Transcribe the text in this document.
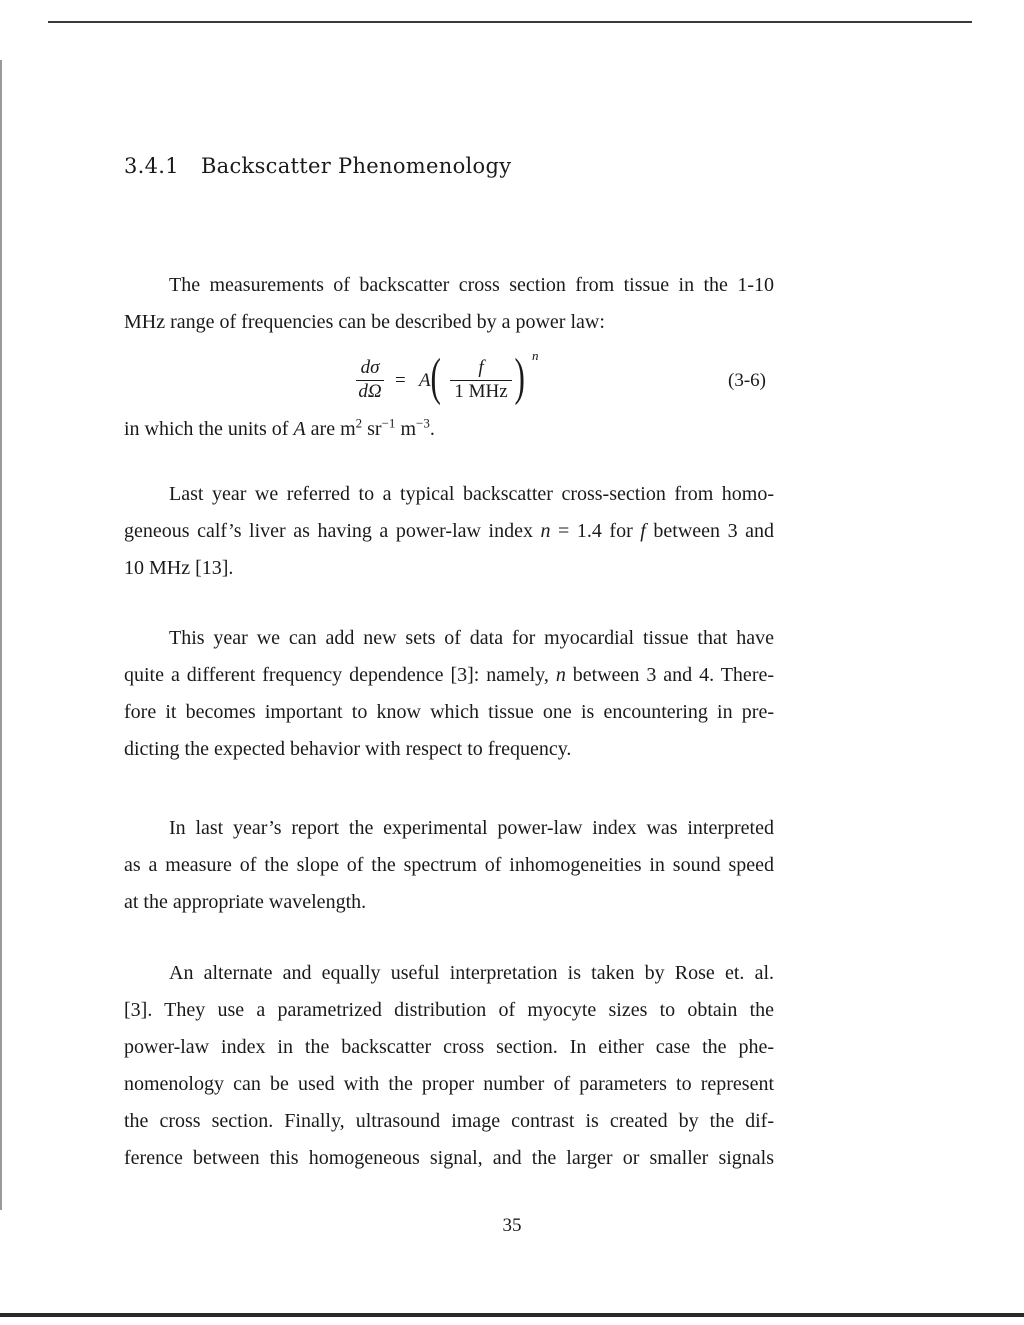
3.4.1 Backscatter Phenomenology
The measurements of backscatter cross section from tissue in the 1-10
MHz range of frequencies can be described by a power law:
dσ
dΩ
= A (	f
1 MHz ) n
(3-6)
in which the units of A are $m^2$ $sr^{-1}$ $m^{-3}$.
Last year we referred to a typical backscatter cross-section from homo-
geneous calf’s liver as having a power-law index n = 1.4 for f between 3 and
10 MHz [13].
This year we can add new sets of data for myocardial tissue that have
quite a different frequency dependence [3]: namely, n between 3 and 4. There-
fore it becomes important to know which tissue one is encountering in pre-
dicting the expected behavior with respect to frequency.
In last year’s report the experimental power-law index was interpreted
as a measure of the slope of the spectrum of inhomogeneities in sound speed
at the appropriate wavelength.
An alternate and equally useful interpretation is taken by Rose et. al.
[3]. They use a parametrized distribution of myocyte sizes to obtain the
power-law index in the backscatter cross section. In either case the phe-
nomenology can be used with the proper number of parameters to represent
the cross section. Finally, ultrasound image contrast is created by the dif-
ference between this homogeneous signal, and the larger or smaller signals
35
